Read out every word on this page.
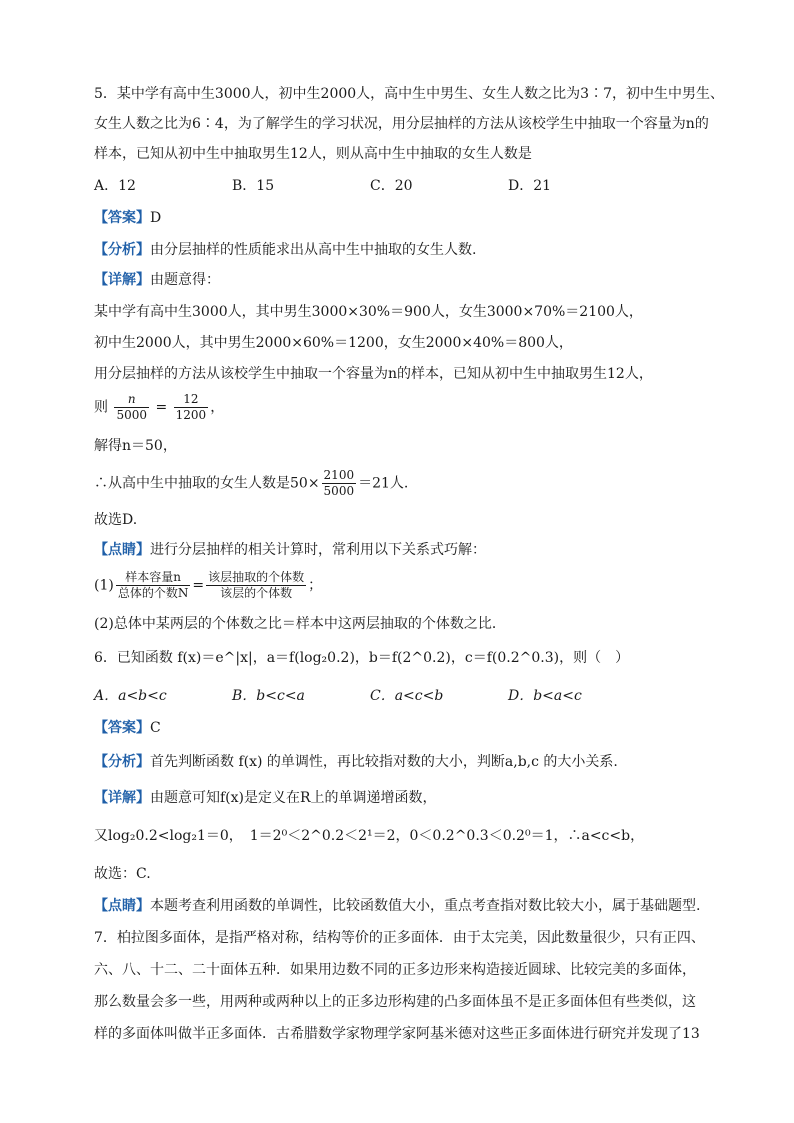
5．某中学有高中生3000人，初中生2000人，高中生中男生、女生人数之比为3∶7，初中生中男生、
女生人数之比为6∶4，为了解学生的学习状况，用分层抽样的方法从该校学生中抽取一个容量为n的
样本，已知从初中生中抽取男生12人，则从高中生中抽取的女生人数是
A．12	B．15	C．20	D．21
【答案】D
【分析】由分层抽样的性质能求出从高中生中抽取的女生人数.
【详解】由题意得：
某中学有高中生3000人，其中男生3000×30%＝900人，女生3000×70%＝2100人，
初中生2000人，其中男生2000×60%＝1200，女生2000×40%＝800人，
用分层抽样的方法从该校学生中抽取一个容量为n的样本，已知从初中生中抽取男生12人，
则 $\frac{n}{5000} = \frac{12}{1200}$ ，
解得n＝50，
∴从高中生中抽取的女生人数是$50\times \frac{2100}{5000} =21$人.
故选D.
【点睛】进行分层抽样的相关计算时，常利用以下关系式巧解：
$(1) \frac{\text{样本容量n}}{\text{总体的个数N}} = \frac{\text{该层抽取的个体数}}{\text{该层的个体数}}$ ；
(2)总体中某两层的个体数之比＝样本中这两层抽取的个体数之比．
6．已知函数 f(x)＝e^|x|，a＝f(log₂0.2)，b＝f(2^0.2)，c＝f(0.2^0.3)，则（　）
A．a<b<c	B．b<c<a	C．a<c<b	D．b<a<c
【答案】C
【分析】首先判断函数 f(x) 的单调性，再比较指对数的大小，判断a,b,c 的大小关系.
【详解】由题意可知f(x)是定义在R上的单调递增函数，
又log₂0.2<log₂1＝0，　1＝2⁰＜2^0.2＜2¹＝2，0＜0.2^0.3＜0.2⁰＝1，∴a<c<b，
故选：C.
【点睛】本题考查利用函数的单调性，比较函数值大小，重点考查指对数比较大小，属于基础题型.
7．柏拉图多面体，是指严格对称，结构等价的正多面体．由于太完美，因此数量很少，只有正四、
六、八、十二、二十面体五种．如果用边数不同的正多边形来构造接近圆球、比较完美的多面体，
那么数量会多一些，用两种或两种以上的正多边形构建的凸多面体虽不是正多面体但有些类似，这
样的多面体叫做半正多面体．古希腊数学家物理学家阿基米德对这些正多面体进行研究并发现了13
